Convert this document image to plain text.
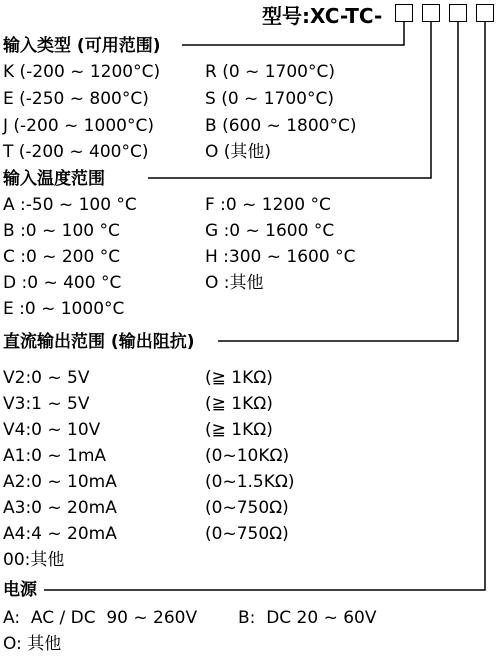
型号:XC-TC-
输入类型 (可用范围)
K (-200 ~ 1200°C)	R (0 ~ 1700°C)
E (-250 ~ 800°C)	S (0 ~ 1700°C)
J (-200 ~ 1000°C)	B (600 ~ 1800°C)
T (-200 ~ 400°C)	O (其他)
输入温度范围
A :-50 ~ 100 °C	F :0 ~ 1200 °C
B :0 ~ 100 °C	G :0 ~ 1600 °C
C :0 ~ 200 °C	H :300 ~ 1600 °C
D :0 ~ 400 °C	O :其他
E :0 ~ 1000°C
直流输出范围 (输出阻抗)
V2:0 ~ 5V	(≧ 1KΩ)
V3:1 ~ 5V	(≧ 1KΩ)
V4:0 ~ 10V	(≧ 1KΩ)
A1:0 ~ 1mA	(0~10KΩ)
A2:0 ~ 10mA	(0~1.5KΩ)
A3:0 ~ 20mA	(0~750Ω)
A4:4 ~ 20mA	(0~750Ω)
00:其他
电源
A:  AC / DC  90 ~ 260V B:  DC 20 ~ 60V
O: 其他
